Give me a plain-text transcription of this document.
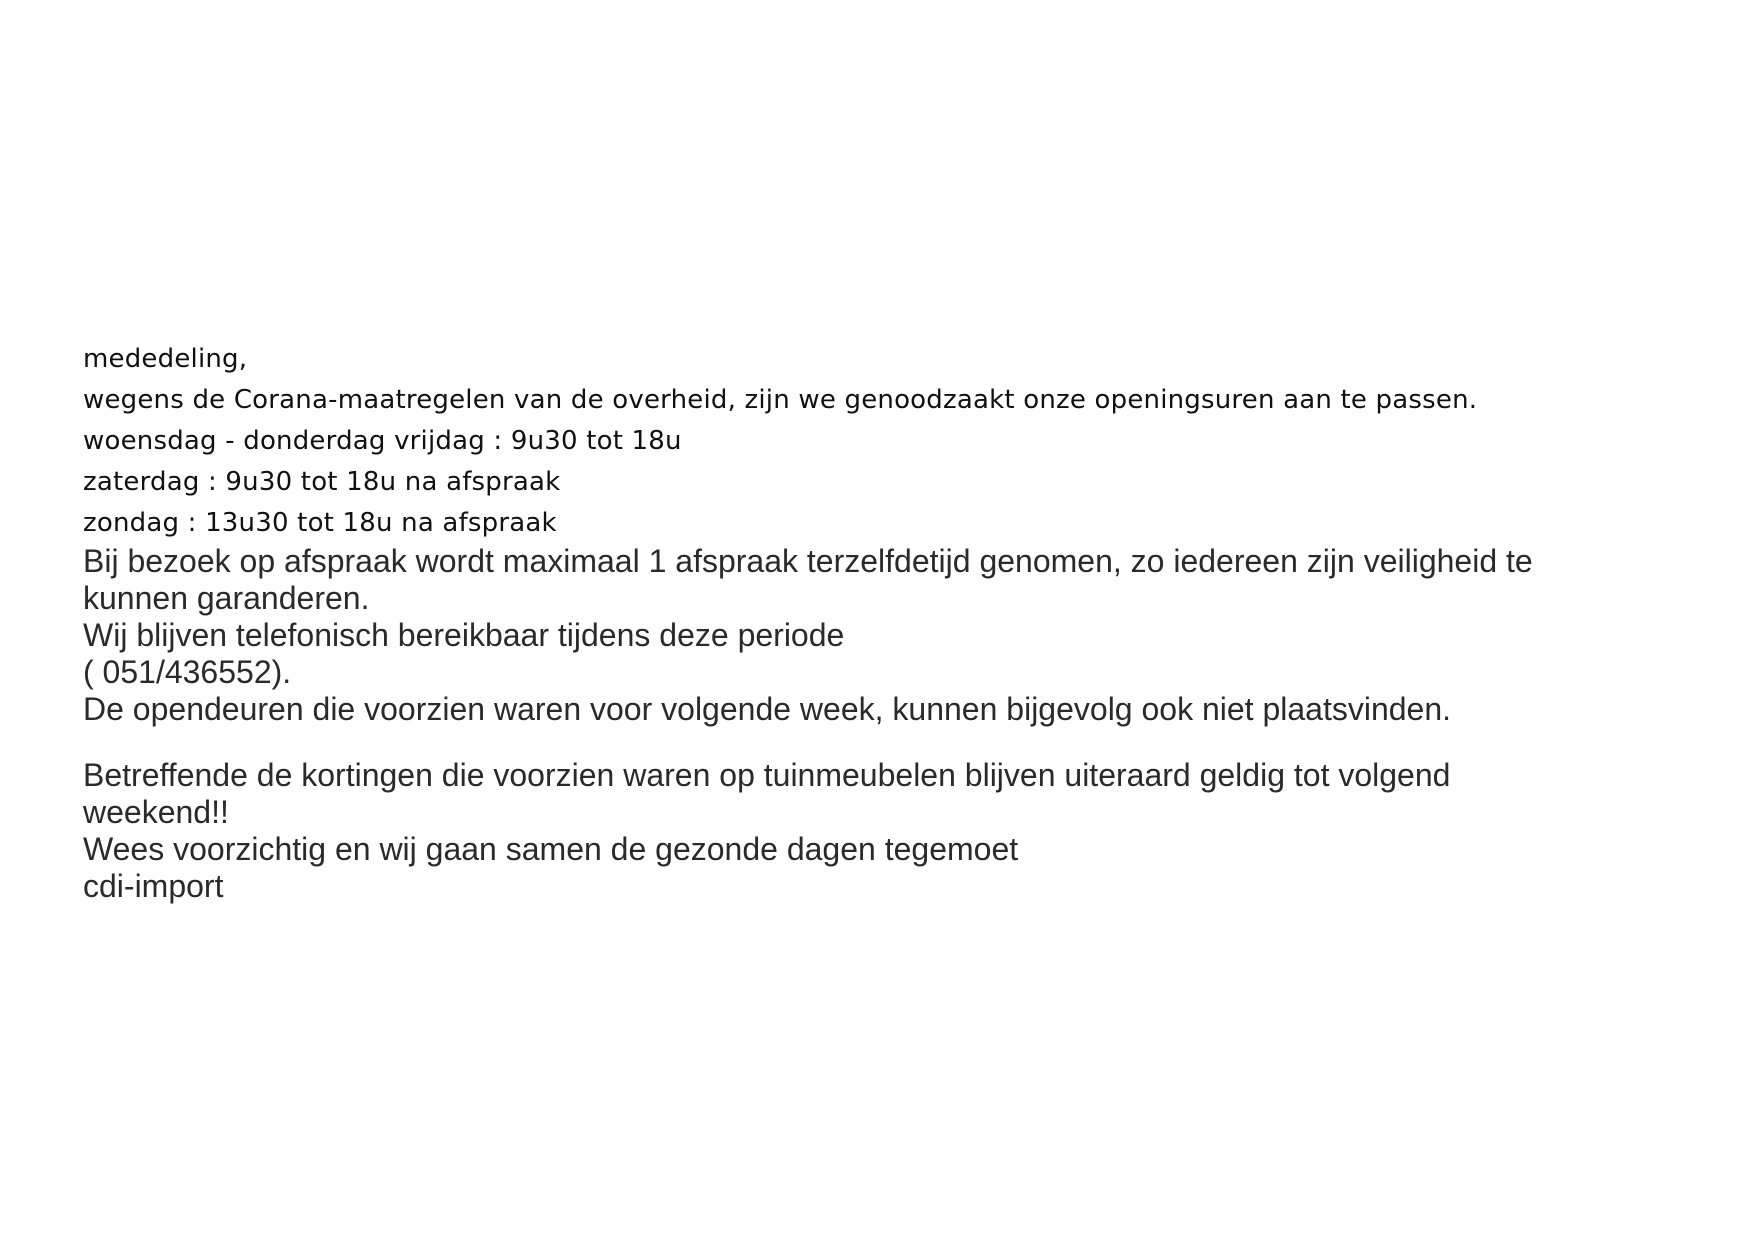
mededeling,

wegens de Corana-maatregelen van de overheid, zijn we genoodzaakt onze openingsuren aan te passen.

woensdag - donderdag vrijdag : 9u30 tot 18u

zaterdag : 9u30 tot 18u na afspraak

zondag : 13u30 tot 18u na afspraak

Bij bezoek op afspraak wordt maximaal 1 afspraak terzelfdetijd genomen, zo iedereen zijn veiligheid te

kunnen garanderen.

Wij blijven telefonisch bereikbaar tijdens deze periode

( 051/436552).

De opendeuren die voorzien waren voor volgende week, kunnen bijgevolg ook niet plaatsvinden.

Betreffende de kortingen die voorzien waren op tuinmeubelen blijven uiteraard geldig tot volgend

weekend!!

Wees voorzichtig en wij gaan samen de gezonde dagen tegemoet

cdi-import
